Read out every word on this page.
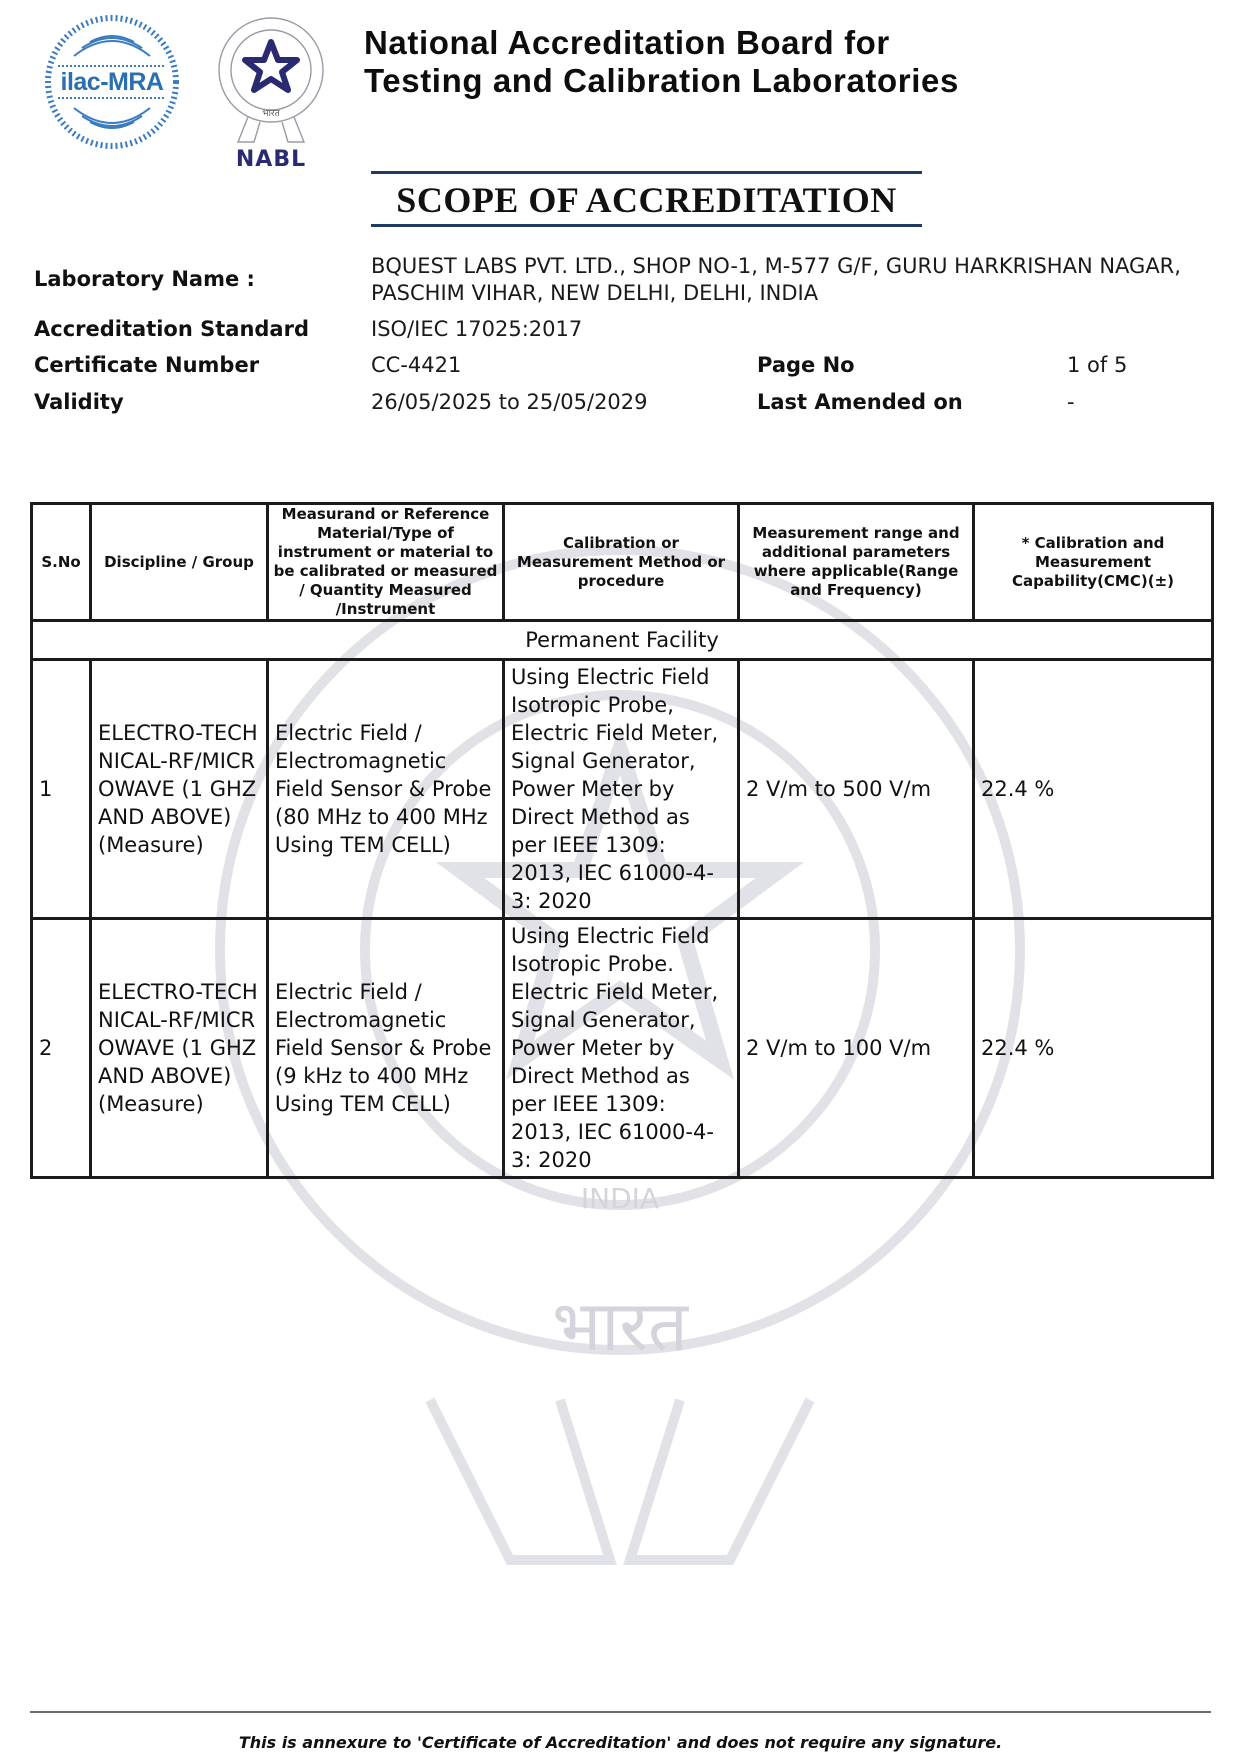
INDIA
भारत
ilac-MRA
भारत
NABL
National Accreditation Board for
Testing and Calibration Laboratories
SCOPE OF ACCREDITATION
Laboratory Name :
BQUEST LABS PVT. LTD., SHOP NO-1, M-577 G/F, GURU HARKRISHAN NAGAR,
PASCHIM VIHAR, NEW DELHI, DELHI, INDIA
Accreditation Standard	ISO/IEC 17025:2017
Certificate Number	CC-4421	Page No	1 of 5
Validity	26/05/2025 to 25/05/2029	Last Amended on	-
S.No	Discipline / Group	Measurand or Reference Material/Type of instrument or material to be calibrated or measured / Quantity Measured /Instrument	Calibration or Measurement Method or procedure	Measurement range and additional parameters where applicable(Range and Frequency)	* Calibration and Measurement Capability(CMC)(±)
Permanent Facility					

1	ELECTRO-TECHNICAL-RF/MICROWAVE (1 GHZ AND ABOVE) (Measure)	Electric Field / Electromagnetic Field Sensor & Probe (80 MHz to 400 MHz Using TEM CELL)	Using Electric Field Isotropic Probe, Electric Field Meter, Signal Generator, Power Meter by Direct Method as per IEEE 1309: 2013, IEC 61000-4-3: 2020	2 V/m to 500 V/m	22.4 %

2	ELECTRO-TECHNICAL-RF/MICROWAVE (1 GHZ AND ABOVE) (Measure)	Electric Field / Electromagnetic Field Sensor & Probe (9 kHz to 400 MHz Using TEM CELL)	Using Electric Field Isotropic Probe. Electric Field Meter, Signal Generator, Power Meter by Direct Method as per IEEE 1309: 2013, IEC 61000-4-3: 2020	2 V/m to 100 V/m	22.4 %
This is annexure to 'Certificate of Accreditation' and does not require any signature.
